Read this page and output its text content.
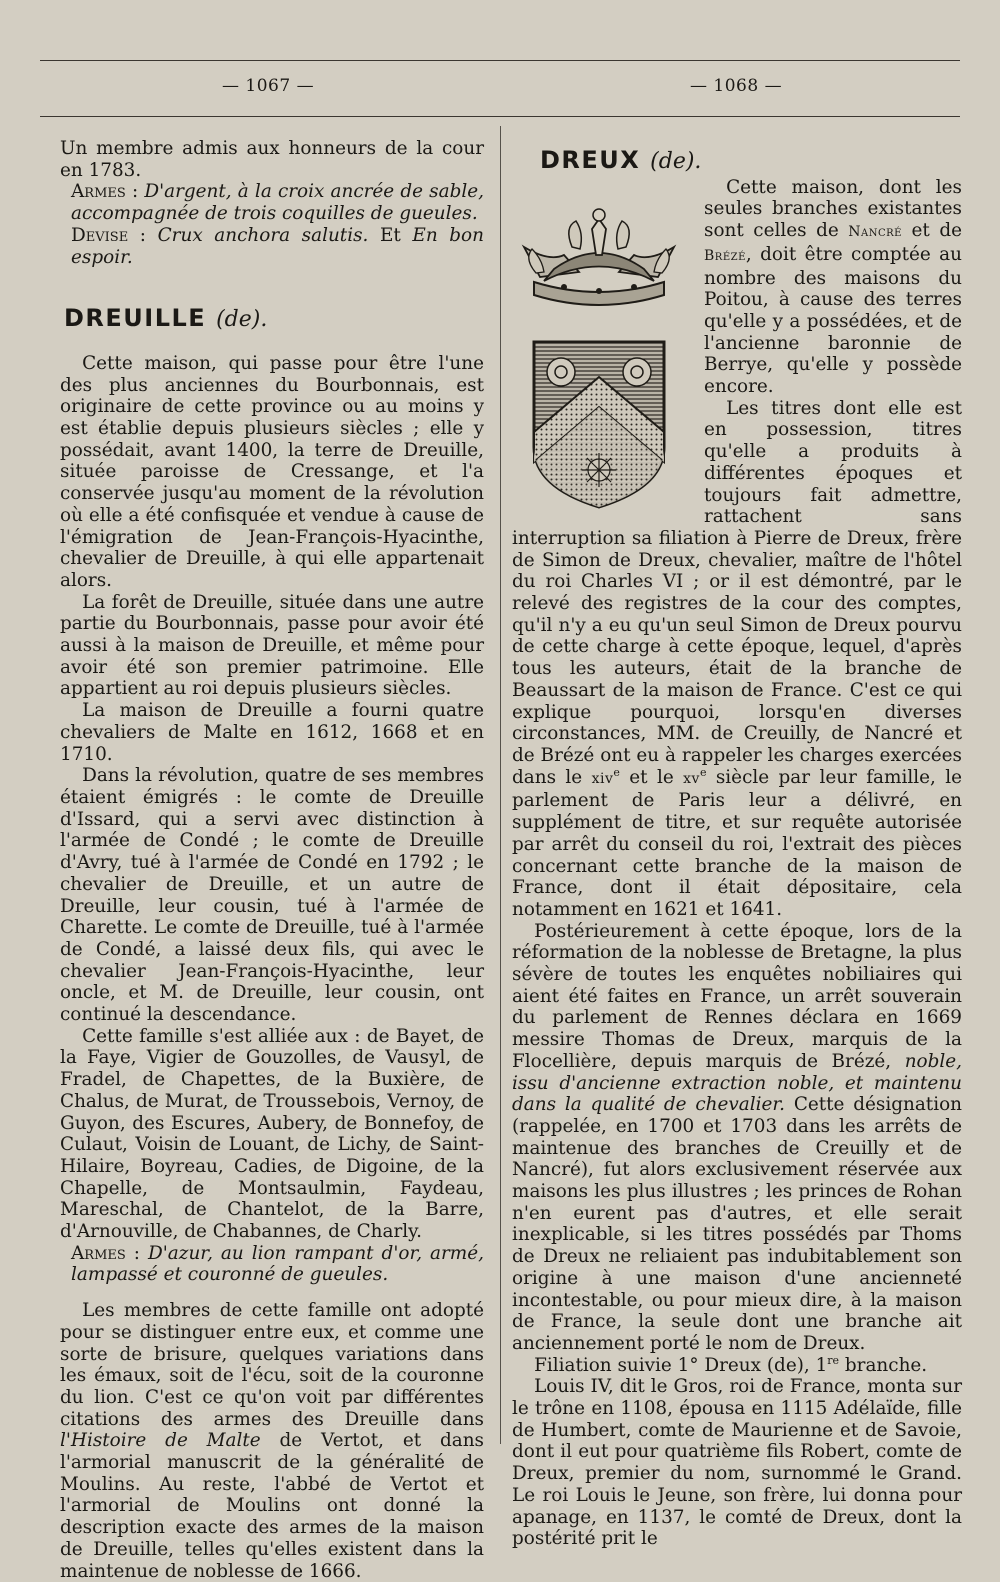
— 1067 —	— 1068 —

Un membre admis aux honneurs de la cour en 1783.

Armes : D'argent, à la croix ancrée de sable, accompagnée de trois coquilles de gueules.

Devise : Crux anchora salutis. Et En bon espoir.

DREUILLE (de).

Cette maison, qui passe pour être l'une des plus anciennes du Bourbonnais, est originaire de cette province ou au moins y est établie depuis plusieurs siècles ; elle y possédait, avant 1400, la terre de Dreuille, située paroisse de Cressange, et l'a conservée jusqu'au moment de la révolution où elle a été confisquée et vendue à cause de l'émigration de Jean-François-Hyacinthe, chevalier de Dreuille, à qui elle appartenait alors.

La forêt de Dreuille, située dans une autre partie du Bourbonnais, passe pour avoir été aussi à la maison de Dreuille, et même pour avoir été son premier patrimoine. Elle appartient au roi depuis plusieurs siècles.

La maison de Dreuille a fourni quatre chevaliers de Malte en 1612, 1668 et en 1710.

Dans la révolution, quatre de ses membres étaient émigrés : le comte de Dreuille d'Issard, qui a servi avec distinction à l'armée de Condé ; le comte de Dreuille d'Avry, tué à l'armée de Condé en 1792 ; le chevalier de Dreuille, et un autre de Dreuille, leur cousin, tué à l'armée de Charette. Le comte de Dreuille, tué à l'armée de Condé, a laissé deux fils, qui avec le chevalier Jean-François-Hyacinthe, leur oncle, et M. de Dreuille, leur cousin, ont continué la descendance.

Cette famille s'est alliée aux : de Bayet, de la Faye, Vigier de Gouzolles, de Vausyl, de Fradel, de Chapettes, de la Buxière, de Chalus, de Murat, de Troussebois, Vernoy, de Guyon, des Escures, Aubery, de Bonnefoy, de Culaut, Voisin de Louant, de Lichy, de Saint-Hilaire, Boyreau, Cadies, de Digoine, de la Chapelle, de Montsaulmin, Faydeau, Mareschal, de Chantelot, de la Barre, d'Arnouville, de Chabannes, de Charly.

Armes : D'azur, au lion rampant d'or, armé, lampassé et couronné de gueules.

Les membres de cette famille ont adopté pour se distinguer entre eux, et comme une sorte de brisure, quelques variations dans les émaux, soit de l'écu, soit de la couronne du lion. C'est ce qu'on voit par différentes citations des armes des Dreuille dans l'Histoire de Malte de Vertot, et dans l'armorial manuscrit de la généralité de Moulins. Au reste, l'abbé de Vertot et l'armorial de Moulins ont donné la description exacte des armes de la maison de Dreuille, telles qu'elles existent dans la maintenue de noblesse de 1666.

DREUX (de).

Cette maison, dont les seules branches existantes sont celles de Nancré et de Brézé, doit être comptée au nombre des maisons du Poitou, à cause des terres qu'elle y a possédées, et de l'ancienne baronnie de Berrye, qu'elle y possède encore.

Les titres dont elle est en possession, titres qu'elle a produits à différentes époques et toujours fait admettre, rattachent sans interruption sa filiation à Pierre de Dreux, frère de Simon de Dreux, chevalier, maître de l'hôtel du roi Charles VI ; or il est démontré, par le relevé des registres de la cour des comptes, qu'il n'y a eu qu'un seul Simon de Dreux pourvu de cette charge à cette époque, lequel, d'après tous les auteurs, était de la branche de Beaussart de la maison de France. C'est ce qui explique pourquoi, lorsqu'en diverses circonstances, MM. de Creuilly, de Nancré et de Brézé ont eu à rappeler les charges exercées dans le xiv$^e$ et le $xv^e$ siècle par leur famille, le parlement de Paris leur a délivré, en supplément de titre, et sur requête autorisée par arrêt du conseil du roi, l'extrait des pièces concernant cette branche de la maison de France, dont il était dépositaire, cela notamment en 1621 et 1641.

Postérieurement à cette époque, lors de la réformation de la noblesse de Bretagne, la plus sévère de toutes les enquêtes nobiliaires qui aient été faites en France, un arrêt souverain du parlement de Rennes déclara en 1669 messire Thomas de Dreux, marquis de la Flocellière, depuis marquis de Brézé, noble, issu d'ancienne extraction noble, et maintenu dans la qualité de chevalier. Cette désignation (rappelée, en 1700 et 1703 dans les arrêts de maintenue des branches de Creuilly et de Nancré), fut alors exclusivement réservée aux maisons les plus illustres ; les princes de Rohan n'en eurent pas d'autres, et elle serait inexplicable, si les titres possédés par Thoms de Dreux ne reliaient pas indubitablement son origine à une maison d'une ancienneté incontestable, ou pour mieux dire, à la maison de France, la seule dont une branche ait anciennement porté le nom de Dreux.

Filiation suivie 1° Dreux (de), 1re branche.

Louis IV, dit le Gros, roi de France, monta sur le trône en 1108, épousa en 1115 Adélaïde, fille de Humbert, comte de Maurienne et de Savoie, dont il eut pour quatrième fils Robert, comte de Dreux, premier du nom, surnommé le Grand. Le roi Louis le Jeune, son frère, lui donna pour apanage, en 1137, le comté de Dreux, dont la postérité prit le
